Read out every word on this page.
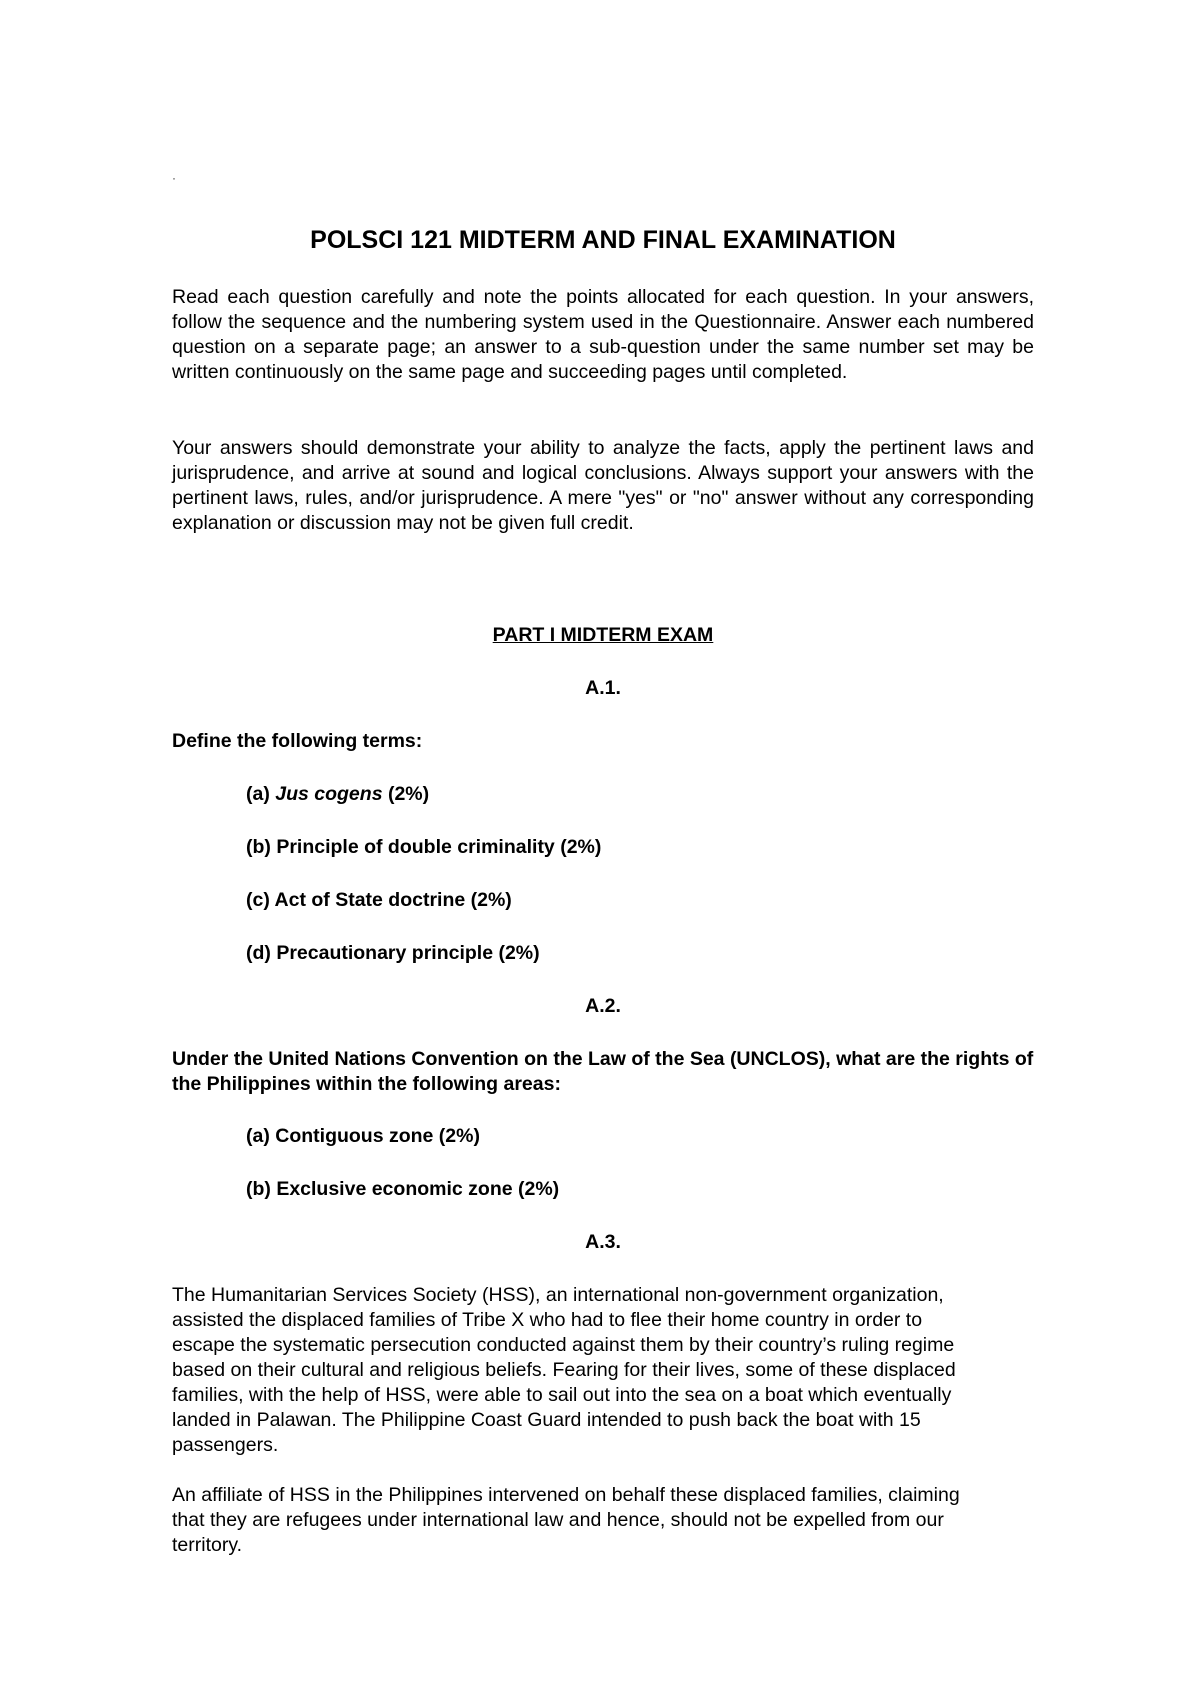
·
POLSCI 121 MIDTERM AND FINAL EXAMINATION
Read each question carefully and note the points allocated for each question. In your answers, follow the sequence and the numbering system used in the Questionnaire. Answer each numbered question on a separate page; an answer to a sub-question under the same number set may be written continuously on the same page and succeeding pages until completed.
Your answers should demonstrate your ability to analyze the facts, apply the pertinent laws and jurisprudence, and arrive at sound and logical conclusions. Always support your answers with the pertinent laws, rules, and/or jurisprudence. A mere "yes" or "no" answer without any corresponding explanation or discussion may not be given full credit.
PART I MIDTERM EXAM
A.1.
Define the following terms:
(a) Jus cogens (2%)
(b) Principle of double criminality (2%)
(c) Act of State doctrine (2%)
(d) Precautionary principle (2%)
A.2.
Under the United Nations Convention on the Law of the Sea (UNCLOS), what are the rights of the Philippines within the following areas:
(a) Contiguous zone (2%)
(b) Exclusive economic zone (2%)
A.3.
The Humanitarian Services Society (HSS), an international non-government organization,
assisted the displaced families of Tribe X who had to flee their home country in order to
escape the systematic persecution conducted against them by their country’s ruling regime
based on their cultural and religious beliefs. Fearing for their lives, some of these displaced
families, with the help of HSS, were able to sail out into the sea on a boat which eventually
landed in Palawan. The Philippine Coast Guard intended to push back the boat with 15
passengers.
An affiliate of HSS in the Philippines intervened on behalf these displaced families, claiming
that they are refugees under international law and hence, should not be expelled from our
territory.
